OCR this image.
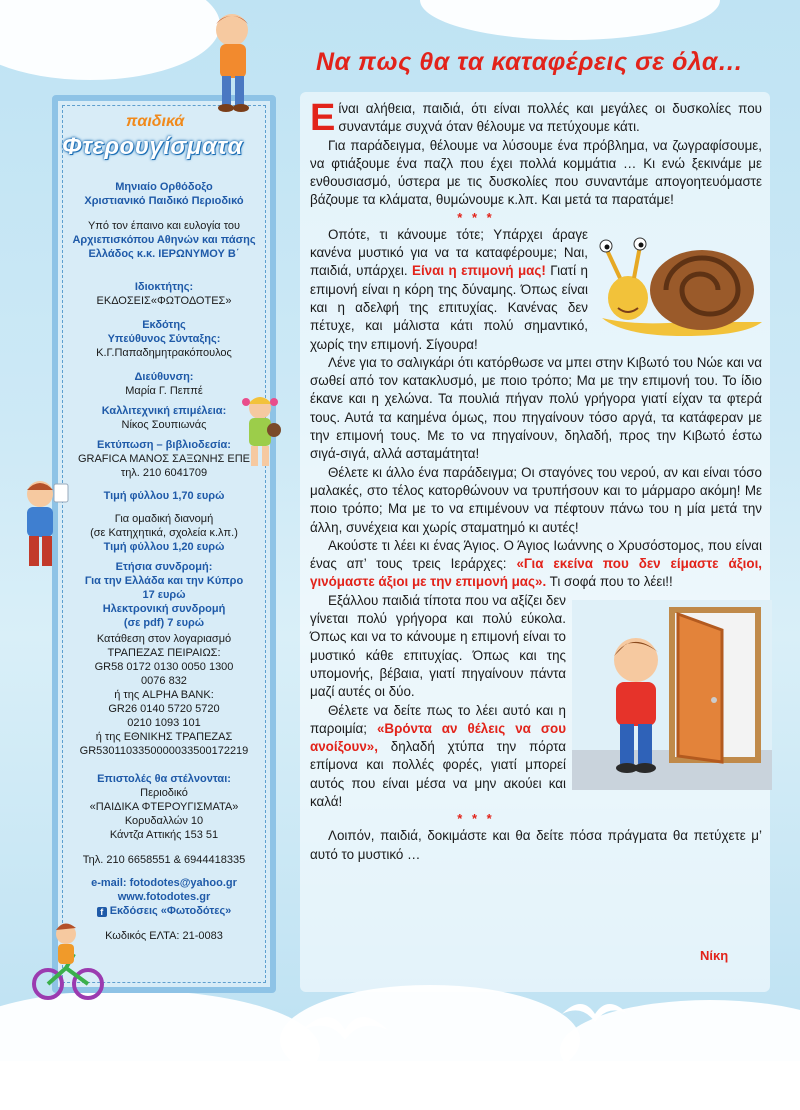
παιδικά
Φτερουγίσματα
Μηνιαίο Ορθόδοξο
Χριστιανικό Παιδικό Περιοδικό
Υπό τον έπαινο και ευλογία του
Αρχιεπισκόπου Αθηνών και πάσης Ελλάδος κ.κ. ΙΕΡΩΝΥΜΟΥ Β΄
Ιδιοκτήτης:
ΕΚΔΟΣΕΙΣ«ΦΩΤΟΔΟΤΕΣ»
Εκδότης
Υπεύθυνος Σύνταξης:
Κ.Γ.Παπαδημητρακόπουλος
Διεύθυνση:
Μαρία Γ. Πεππέ
Καλλιτεχνική επιμέλεια:
Νίκος Σουπιωνάς
Εκτύπωση – βιβλιοδεσία:
GRAFICA ΜΑΝΟΣ ΣΑΞΩΝΗΣ ΕΠΕ
τηλ. 210 6041709
Τιμή φύλλου 1,70 ευρώ
Για ομαδική διανομή
(σε Κατηχητικά, σχολεία κ.λπ.)
Τιμή φύλλου 1,20 ευρώ
Ετήσια συνδρομή:
Για την Ελλάδα και την Κύπρο
17 ευρώ
Ηλεκτρονική συνδρομή
(σε pdf) 7 ευρώ
Κατάθεση στον λογαριασμό
ΤΡΑΠΕΖΑΣ ΠΕΙΡΑΙΩΣ:
GR58 0172 0130 0050 1300
0076 832
ή της ALPHA BANK:
GR26 0140 5720 5720
0210 1093 101
ή της ΕΘΝΙΚΗΣ ΤΡΑΠΕΖΑΣ
GR5301103350000033500172219
Επιστολές θα στέλνονται:
Περιοδικό
«ΠΑΙΔΙΚΑ ΦΤΕΡΟΥΓΙΣΜΑΤΑ»
Κορυδαλλών 10
Κάντζα Αττικής 153 51
Τηλ. 210 6658551 & 6944418335
e-mail: fotodotes@yahoo.gr
www.fotodotes.gr
f Εκδόσεις «Φωτοδότες»
Κωδικός ΕΛΤΑ: 21-0083
Να πως θα τα καταφέρεις σε όλα…

Είναι αλήθεια, παιδιά, ότι είναι πολλές και μεγάλες οι δυσκολίες που συναντάμε συχνά όταν θέλουμε να πετύχουμε κάτι.

Για παράδειγμα, θέλουμε να λύσουμε ένα πρόβλημα, να ζωγραφίσουμε, να φτιάξουμε ένα παζλ που έχει πολλά κομμάτια … Κι ενώ ξεκινάμε με ενθουσιασμό, ύστερα με τις δυσκολίες που συναντάμε απογοητευόμαστε βάζουμε τα κλάματα, θυμώνουμε κ.λπ. Και μετά τα παρατάμε!

* * *

Οπότε, τι κάνουμε τότε; Υπάρχει άραγε κανένα μυστικό για να τα καταφέρουμε; Ναι, παιδιά, υπάρχει. Είναι η επιμονή μας! Γιατί η επιμονή είναι η κόρη της δύναμης. Όπως είναι και η αδελφή της επιτυχίας. Κανένας δεν πέτυχε, και μάλιστα κάτι πολύ σημαντικό, χωρίς την επιμονή. Σίγουρα!

Λένε για το σαλιγκάρι ότι κατόρθωσε να μπει στην Κιβωτό του Νώε και να σωθεί από τον κατακλυσμό, με ποιο τρόπο; Μα με την επιμονή του. Το ίδιο έκανε και η χελώνα. Τα πουλιά πήγαν πολύ γρήγορα γιατί είχαν τα φτερά τους. Αυτά τα καημένα όμως, που πηγαίνουν τόσο αργά, τα κατάφεραν με την επιμονή τους. Με το να πηγαίνουν, δηλαδή, προς την Κιβωτό έστω σιγά-σιγά, αλλά ασταμάτητα!

Θέλετε κι άλλο ένα παράδειγμα; Οι σταγόνες του νερού, αν και είναι τόσο μαλακές, στο τέλος κατορθώνουν να τρυπήσουν και το μάρμαρο ακόμη! Με ποιο τρόπο; Μα με το να επιμένουν να πέφτουν πάνω του η μία μετά την άλλη, συνέχεια και χωρίς σταματημό κι αυτές!

Ακούστε τι λέει κι ένας Άγιος. Ο Άγιος Ιωάννης ο Χρυσόστομος, που είναι ένας απ’ τους τρεις Ιεράρχες: «Για εκείνα που δεν είμαστε άξιοι, γινόμαστε άξιοι με την επιμονή μας». Τι σοφά που το λέει!!

Εξάλλου παιδιά τίποτα που να αξίζει δεν γίνεται πολύ γρήγορα και πολύ εύκολα. Όπως και να το κάνουμε η επιμονή είναι το μυστικό κάθε επιτυχίας. Όπως και της υπομονής, βέβαια, γιατί πηγαίνουν πάντα μαζί αυτές οι δύο.

Θέλετε να δείτε πως το λέει αυτό και η παροιμία; «Βρόντα αν θέλεις να σου ανοίξουν», δηλαδή χτύπα την πόρτα επίμονα και πολλές φορές, γιατί μπορεί αυτός που είναι μέσα να μην ακούει και καλά!

* * *

Λοιπόν, παιδιά, δοκιμάστε και θα δείτε πόσα πράγματα θα πετύχετε μ’ αυτό το μυστικό …

Νίκη
